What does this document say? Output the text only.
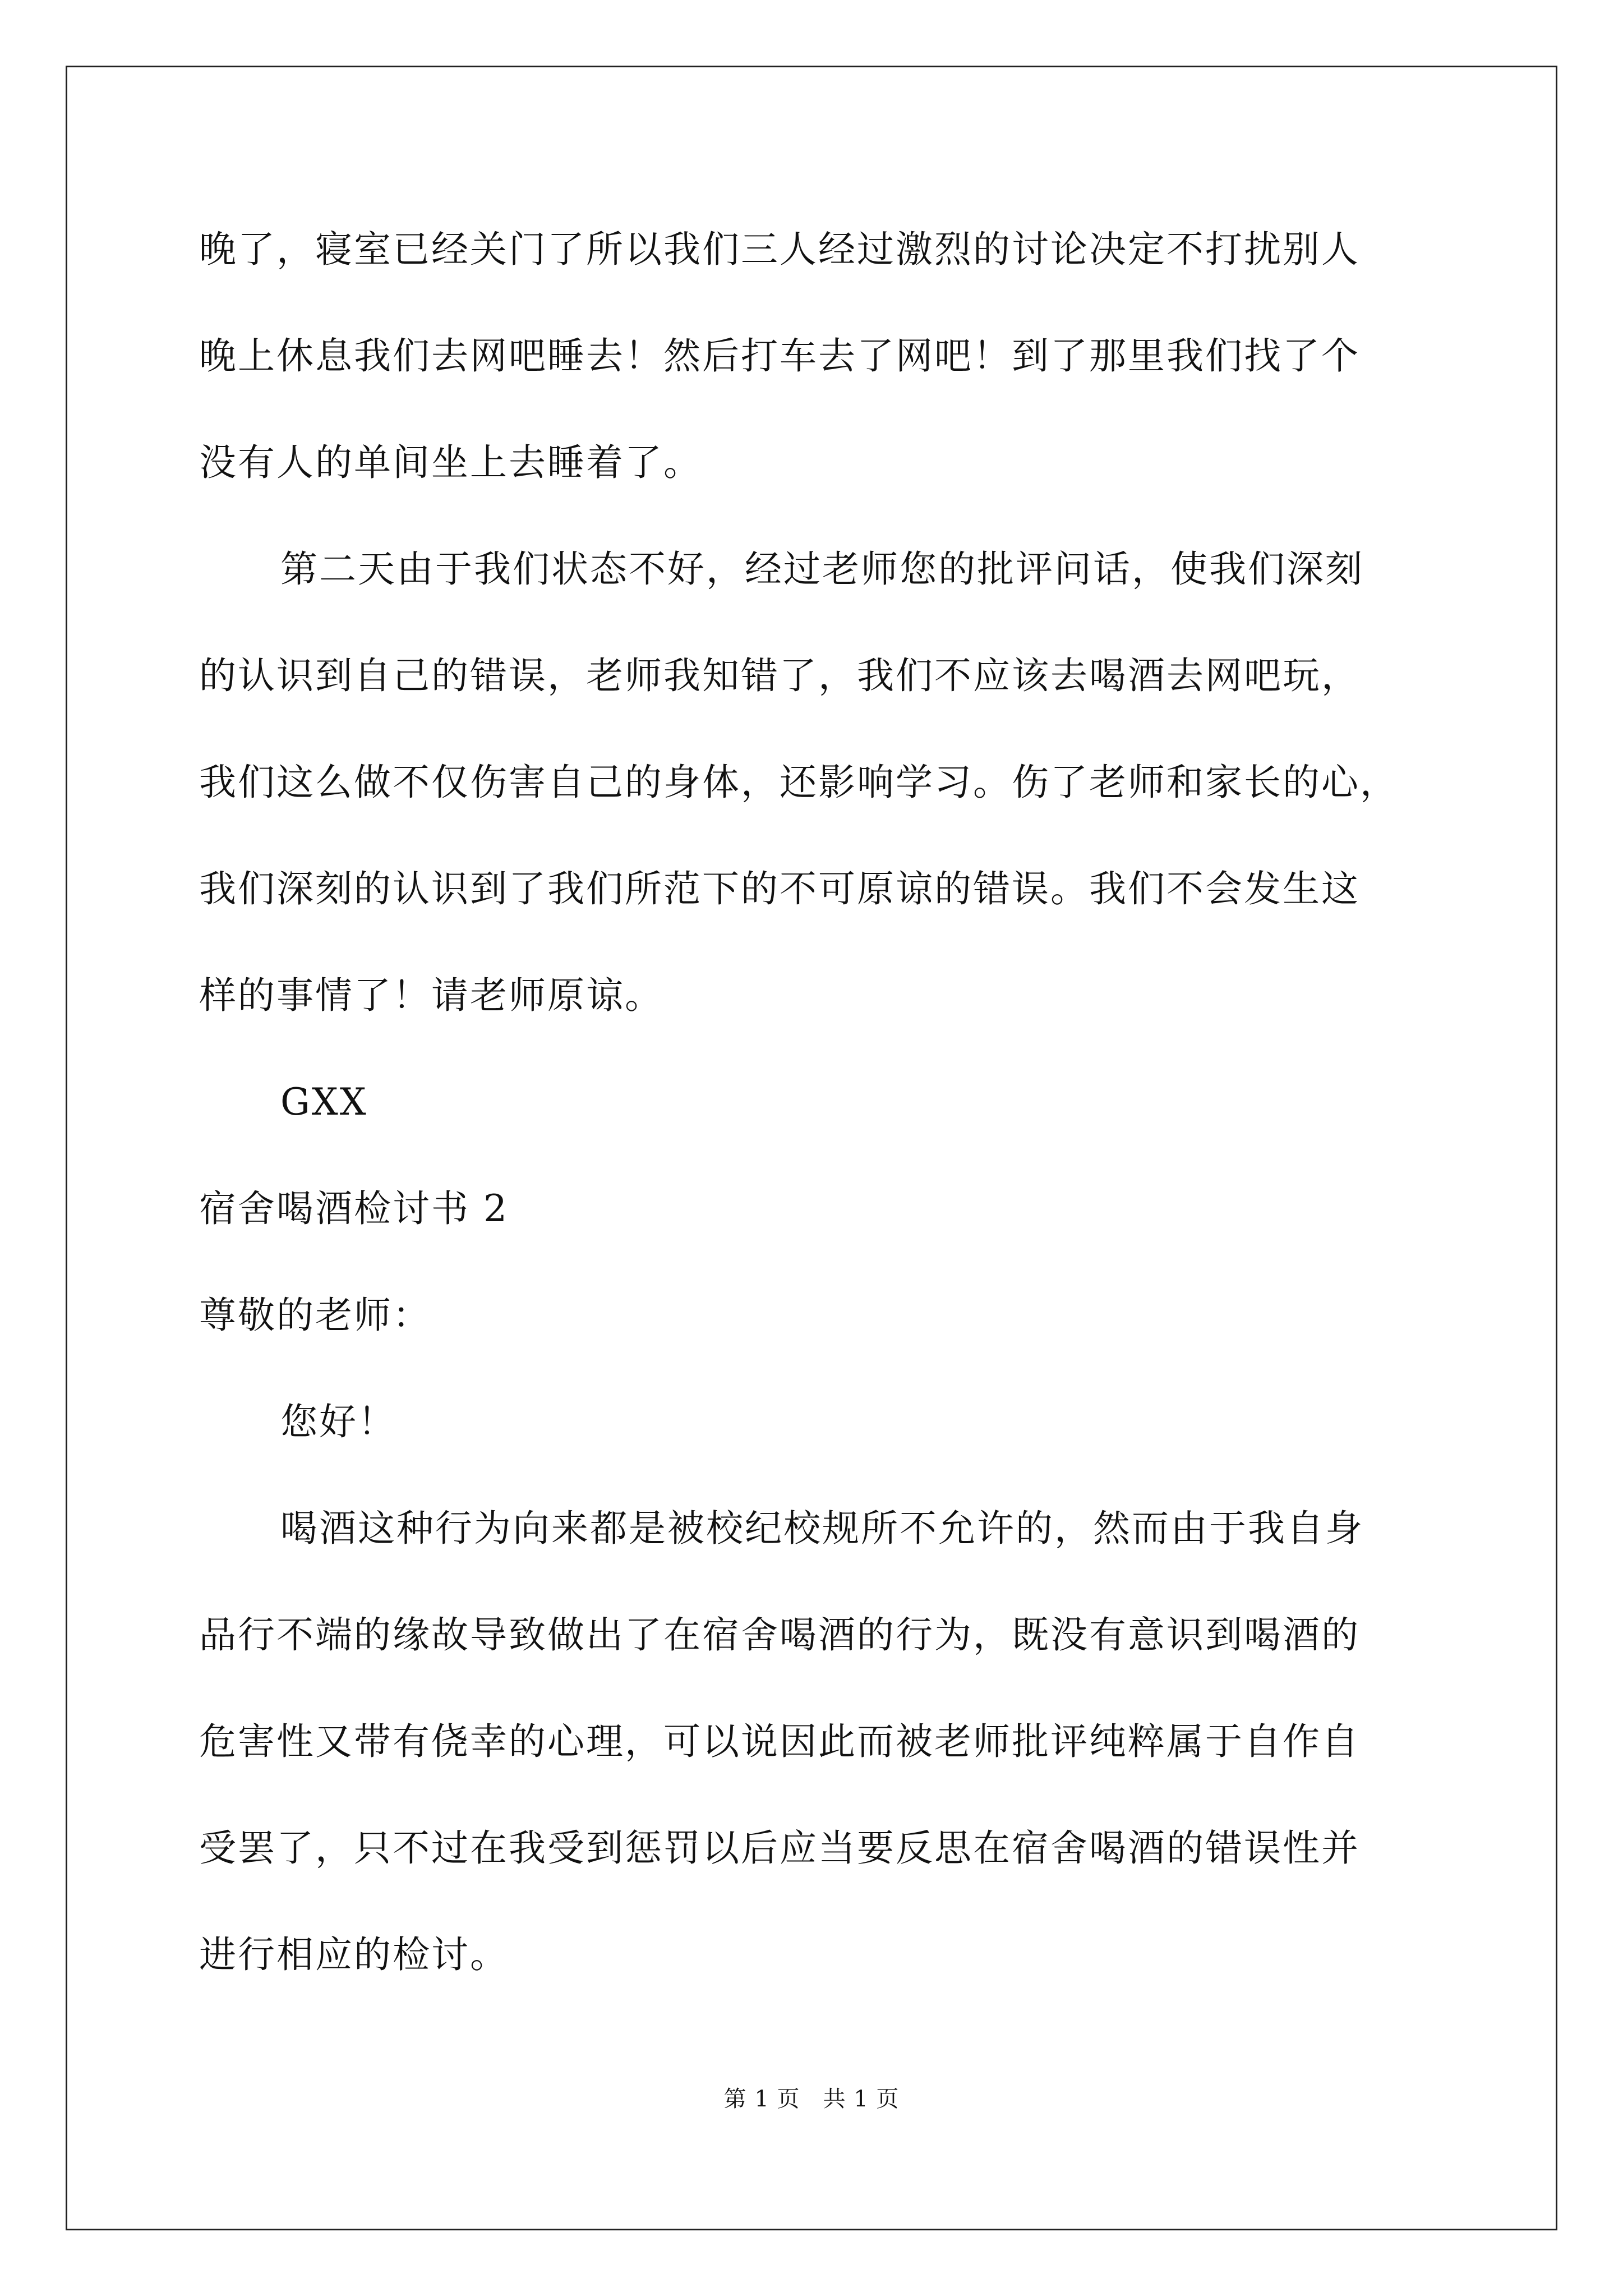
晚了，寝室已经关门了所以我们三人经过激烈的讨论决定不打扰别人
晚上休息我们去网吧睡去！然后打车去了网吧！到了那里我们找了个
没有人的单间坐上去睡着了。
第二天由于我们状态不好，经过老师您的批评问话，使我们深刻
的认识到自己的错误，老师我知错了，我们不应该去喝酒去网吧玩，
我们这么做不仅伤害自己的身体，还影响学习。伤了老师和家长的心，
我们深刻的认识到了我们所范下的不可原谅的错误。我们不会发生这
样的事情了！请老师原谅。
GXX
宿舍喝酒检讨书 2
尊敬的老师：
您好！
喝酒这种行为向来都是被校纪校规所不允许的，然而由于我自身
品行不端的缘故导致做出了在宿舍喝酒的行为，既没有意识到喝酒的
危害性又带有侥幸的心理，可以说因此而被老师批评纯粹属于自作自
受罢了，只不过在我受到惩罚以后应当要反思在宿舍喝酒的错误性并
进行相应的检讨。
第 1 页　共 1 页
